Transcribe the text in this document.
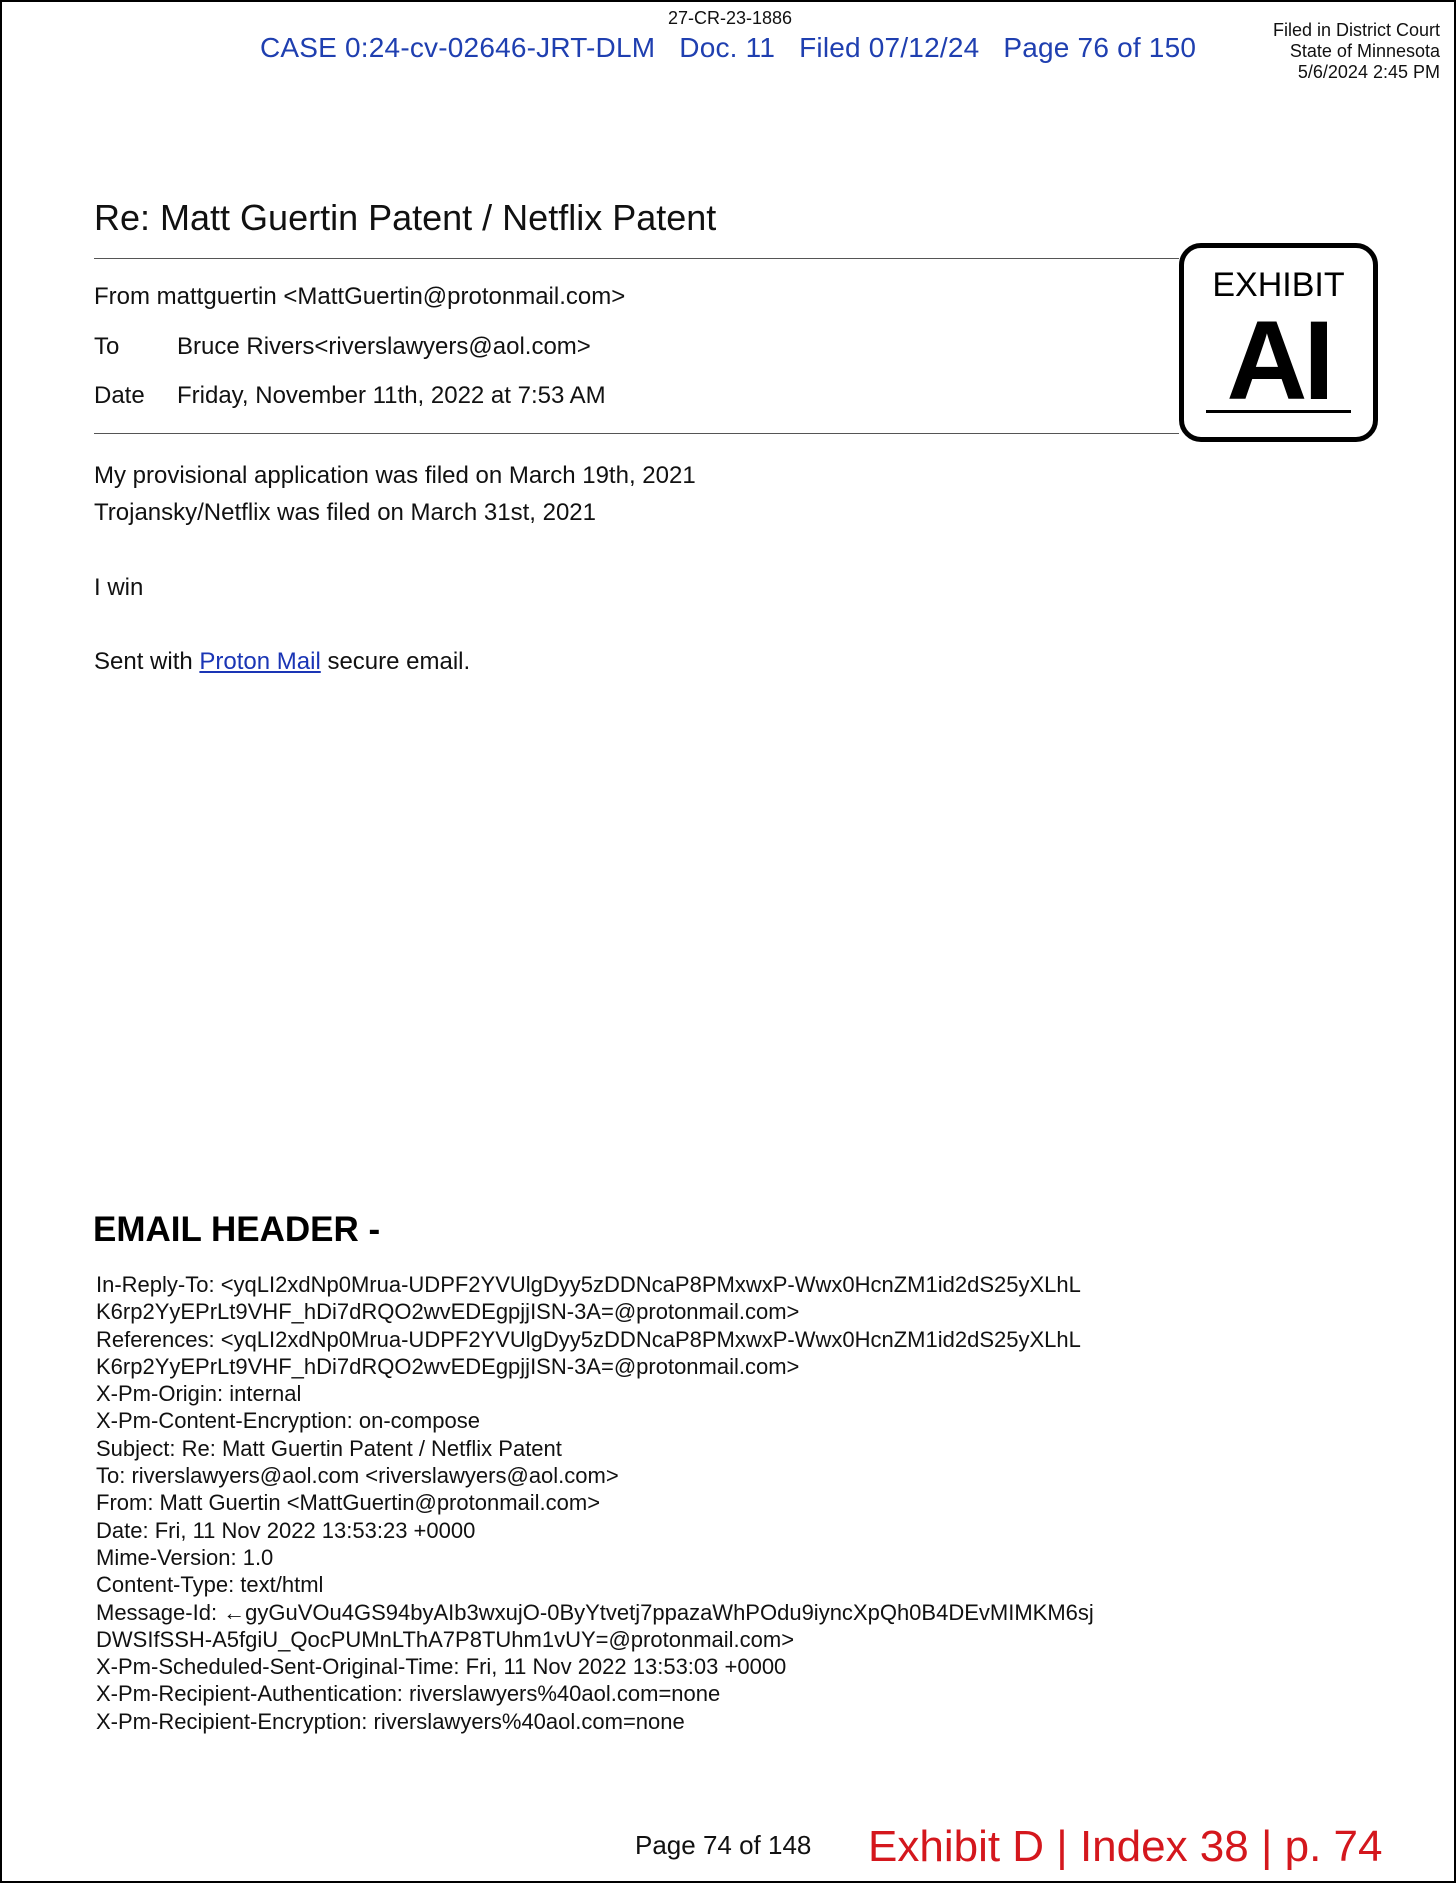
27-CR-23-1886
CASE 0:24-cv-02646-JRT-DLM Doc. 11 Filed 07/12/24 Page 76 of 150
Filed in District Court
State of Minnesota
5/6/2024 2:45 PM
Re: Matt Guertin Patent / Netflix Patent
From mattguertin <MattGuertin@protonmail.com>
To Bruce Rivers<riverslawyers@aol.com>
Date Friday, November 11th, 2022 at 7:53 AM
EXHIBIT
AI
My provisional application was filed on March 19th, 2021
Trojansky/Netflix was filed on March 31st, 2021
I win
Sent with Proton Mail secure email.
EMAIL HEADER -
In-Reply-To: <yqLI2xdNp0Mrua-UDPF2YVUlgDyy5zDDNcaP8PMxwxP-Wwx0HcnZM1id2dS25yXLhL
K6rp2YyEPrLt9VHF_hDi7dRQO2wvEDEgpjjISN-3A=@protonmail.com>
References: <yqLI2xdNp0Mrua-UDPF2YVUlgDyy5zDDNcaP8PMxwxP-Wwx0HcnZM1id2dS25yXLhL
K6rp2YyEPrLt9VHF_hDi7dRQO2wvEDEgpjjISN-3A=@protonmail.com>
X-Pm-Origin: internal
X-Pm-Content-Encryption: on-compose
Subject: Re: Matt Guertin Patent / Netflix Patent
To: riverslawyers@aol.com <riverslawyers@aol.com>
From: Matt Guertin <MattGuertin@protonmail.com>
Date: Fri, 11 Nov 2022 13:53:23 +0000
Mime-Version: 1.0
Content-Type: text/html
Message-Id: ←gyGuVOu4GS94byAIb3wxujO-0ByYtvetj7ppazaWhPOdu9iyncXpQh0B4DEvMIMKM6sj
DWSIfSSH-A5fgiU_QocPUMnLThA7P8TUhm1vUY=@protonmail.com>
X-Pm-Scheduled-Sent-Original-Time: Fri, 11 Nov 2022 13:53:03 +0000
X-Pm-Recipient-Authentication: riverslawyers%40aol.com=none
X-Pm-Recipient-Encryption: riverslawyers%40aol.com=none
Page 74 of 148 Exhibit D | Index 38 | p. 74
